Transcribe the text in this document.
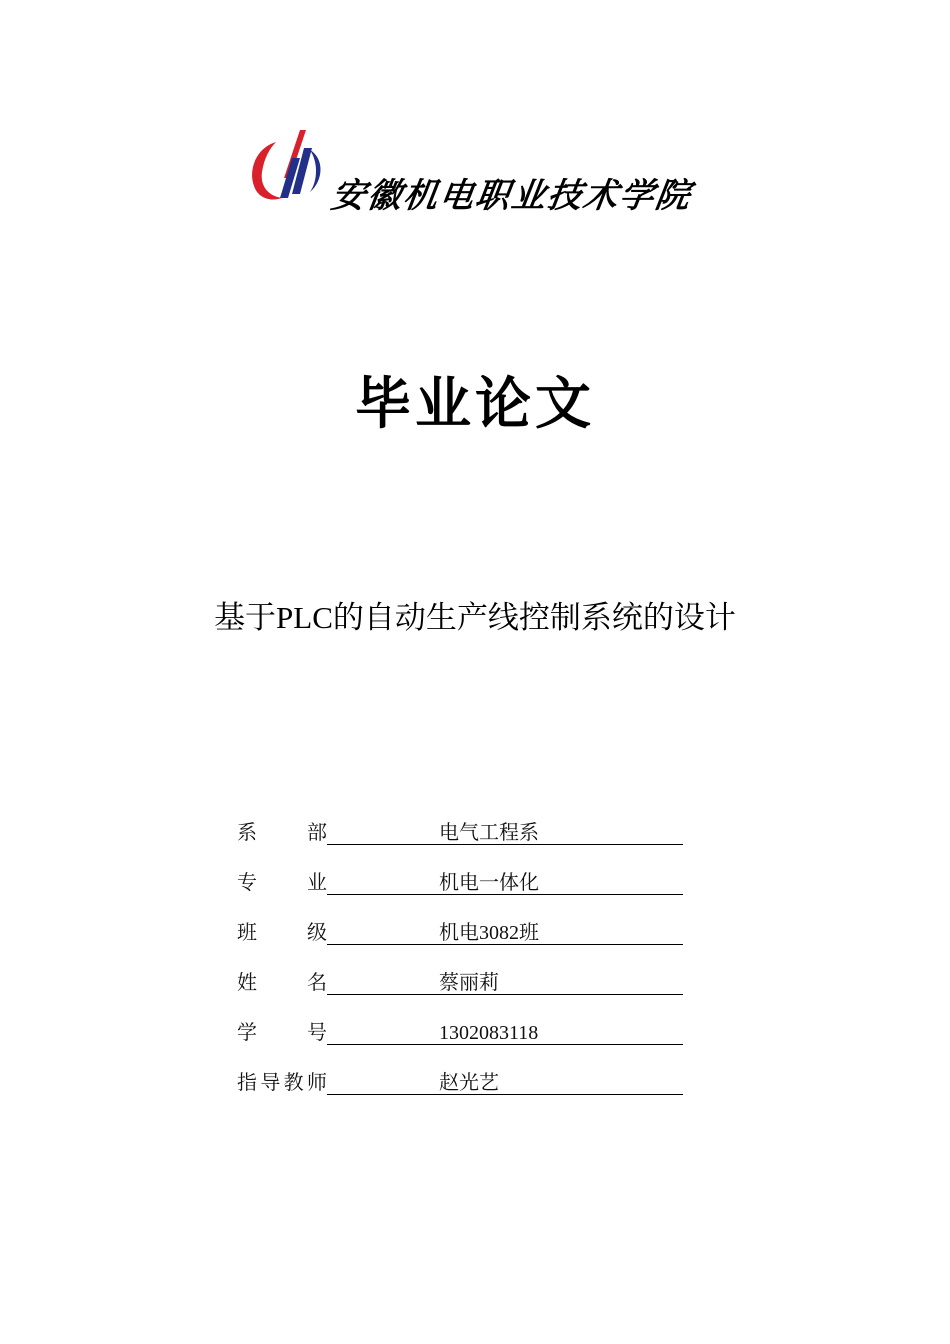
安徽机电职业技术学院
毕业论文
基于PLC的自动生产线控制系统的设计
系	部	电气工程系
专	业	机电一体化
班	级	机电3082班
姓	名	蔡丽莉
学	号	1302083118
指 导 教 师	赵光艺
